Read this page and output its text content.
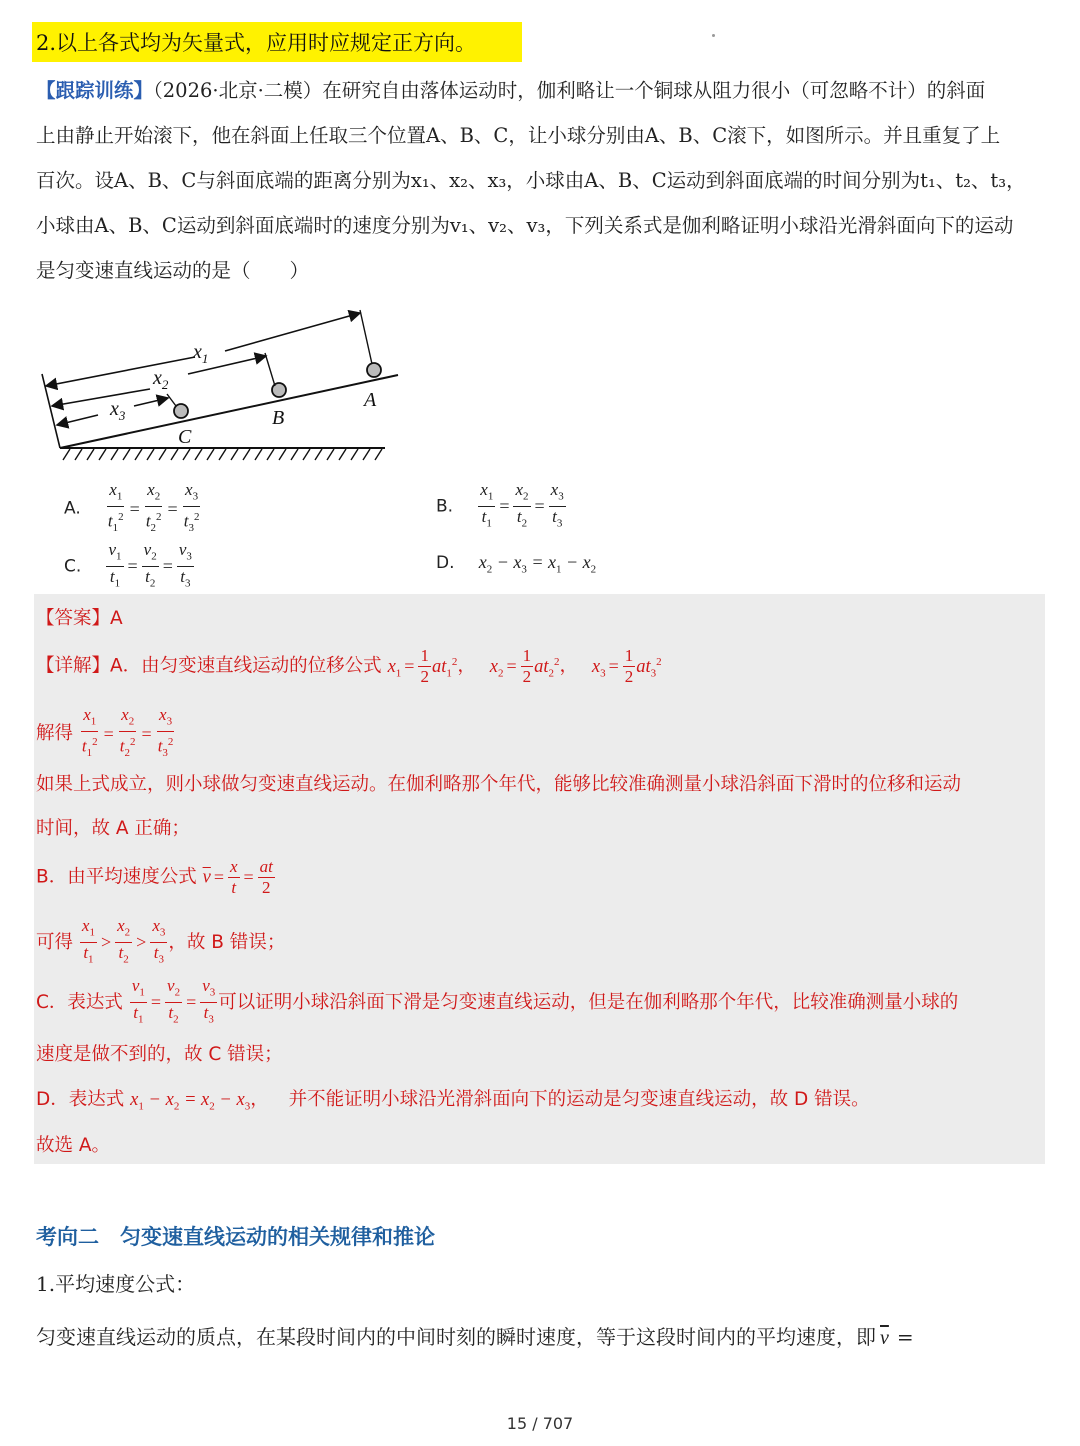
2.以上各式均为矢量式，应用时应规定正方向。
【跟踪训练】（2026·北京·二模）在研究自由落体运动时，伽利略让一个铜球从阻力很小（可忽略不计）的斜面
上由静止开始滚下，他在斜面上任取三个位置A、B、C，让小球分别由A、B、C滚下，如图所示。并且重复了上
百次。设A、B、C与斜面底端的距离分别为x₁、x₂、x₃，小球由A、B、C运动到斜面底端的时间分别为t₁、t₂、t₃，
小球由A、B、C运动到斜面底端时的速度分别为v₁、v₂、v₃，下列关系式是伽利略证明小球沿光滑斜面向下的运动
是匀变速直线运动的是（　　）
$x_1$
$x_2$
$x_3$
C
B
A
A. $\frac{x_1}{t_1^2} = \frac{x_2}{t_2^2} = \frac{x_3}{t_3^2}$	B. $\frac{x_1}{t_1} = \frac{x_2}{t_2} = \frac{x_3}{t_3}$
C. $\frac{v_1}{t_1} = \frac{v_2}{t_2} = \frac{v_3}{t_3}$	D. $x_2 - x_3 = x_1 - x_2$
【答案】A
【详解】A．由匀变速直线运动的位移公式 $x_1 = \frac{1}{2} at_1^2$， $x_2 = \frac{1}{2} at_2^2$， $x_3 = \frac{1}{2} at_3^2$
解得 $\frac{x_1}{t_1^2} = \frac{x_2}{t_2^2} = \frac{x_3}{t_3^2}$
如果上式成立，则小球做匀变速直线运动。在伽利略那个年代，能够比较准确测量小球沿斜面下滑时的位移和运动
时间，故 A 正确；
B．由平均速度公式 $\overline{v} = \frac{x}{t} = \frac{at}{2}$
可得 $\frac{x_1}{t_1} > \frac{x_2}{t_2} > \frac{x_3}{t_3}$ ，故 B 错误；
C．表达式 $\frac{v_1}{t_1} = \frac{v_2}{t_2} = \frac{v_3}{t_3}$ 可以证明小球沿斜面下滑是匀变速直线运动，但是在伽利略那个年代，比较准确测量小球的
速度是做不到的，故 C 错误；
D．表达式 $x_1 - x_2 = x_2 - x_3$， 并不能证明小球沿光滑斜面向下的运动是匀变速直线运动，故 D 错误。
故选 A。
考向二　匀变速直线运动的相关规律和推论
1.平均速度公式：
匀变速直线运动的质点，在某段时间内的中间时刻的瞬时速度，等于这段时间内的平均速度，即 $\overline{v}$ =
15 / 707
